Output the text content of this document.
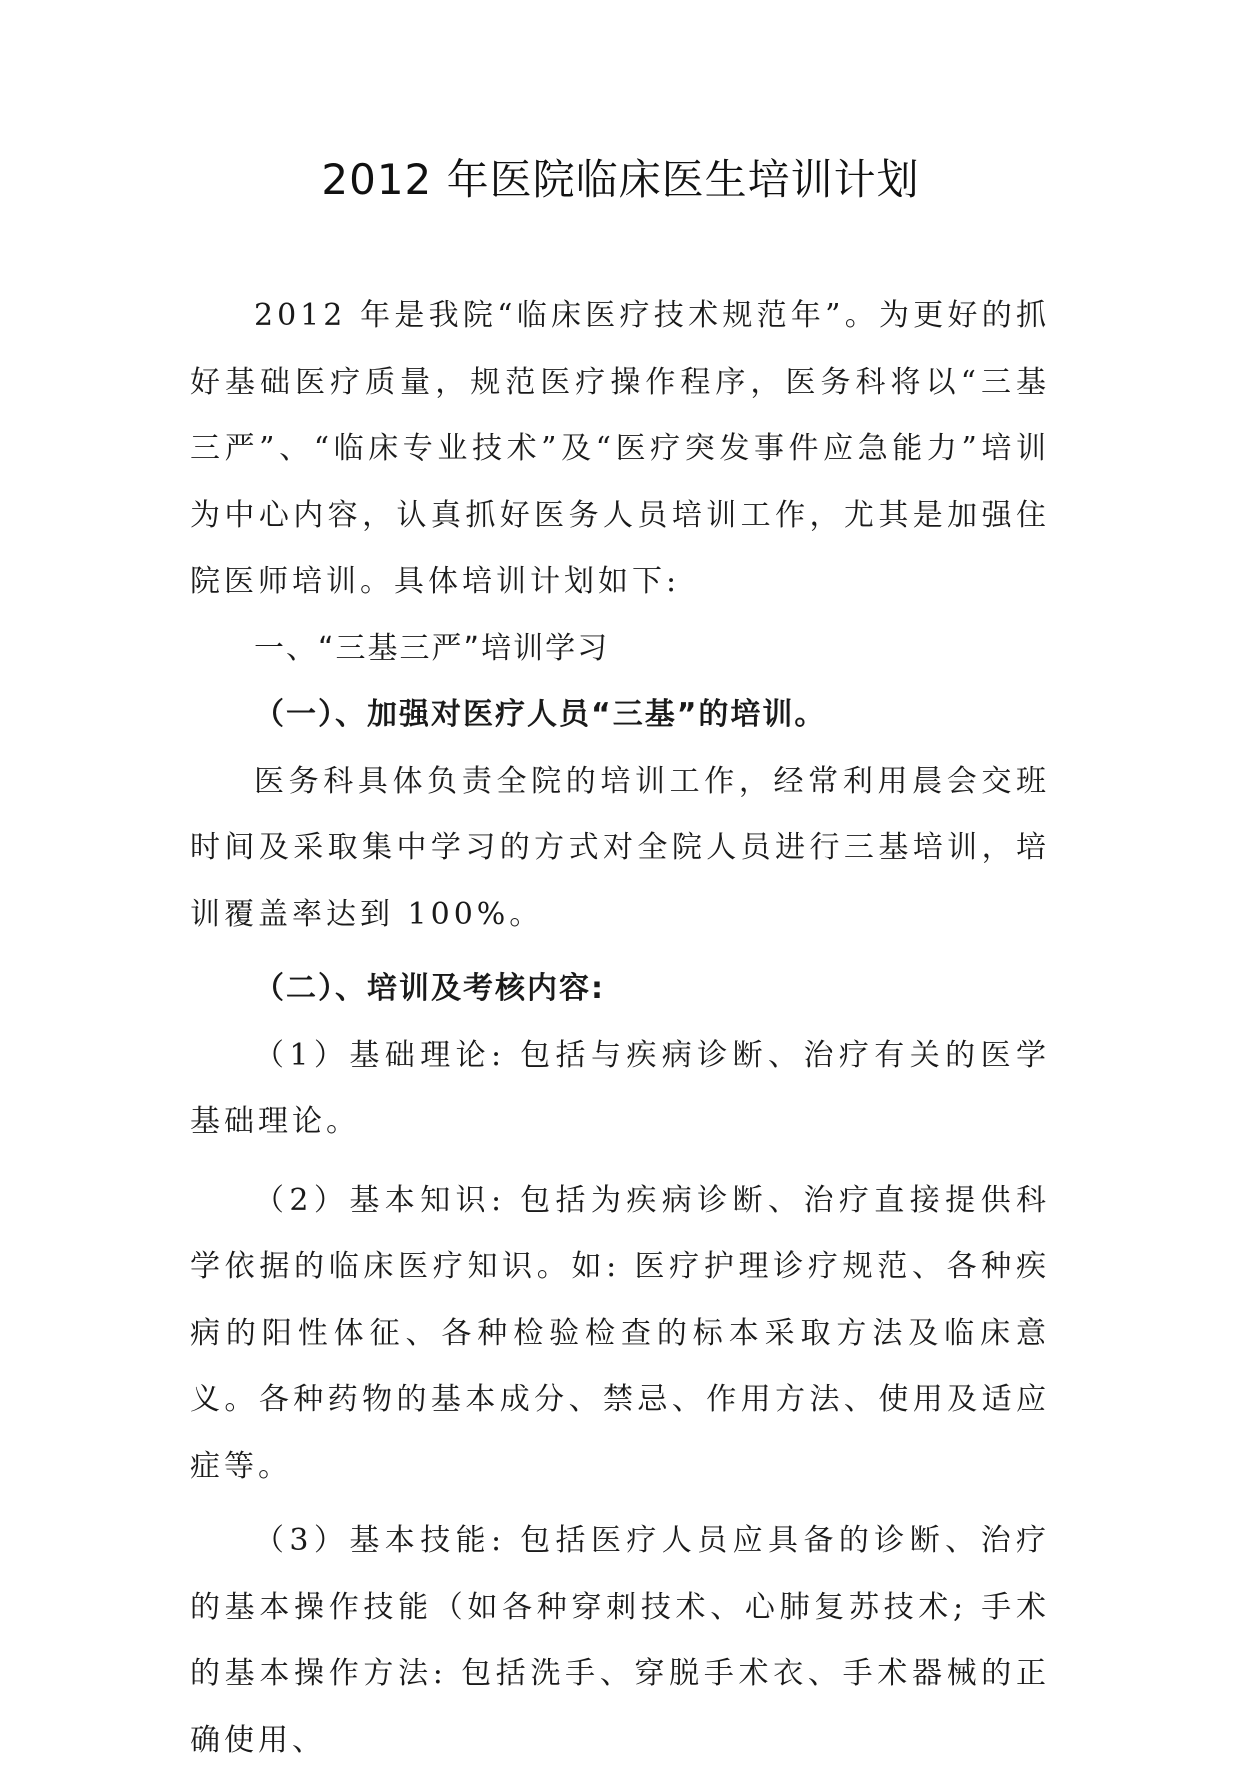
2012 年医院临床医生培训计划

2012 年是我院“临床医疗技术规范年”。为更好的抓好基础医疗质量，规范医疗操作程序，医务科将以“三基三严”、“临床专业技术”及“医疗突发事件应急能力”培训为中心内容，认真抓好医务人员培训工作，尤其是加强住院医师培训。具体培训计划如下:

一、“三基三严”培训学习

（一）、加强对医疗人员“三基”的培训。

医务科具体负责全院的培训工作，经常利用晨会交班时间及采取集中学习的方式对全院人员进行三基培训，培训覆盖率达到 100%。

（二）、培训及考核内容:

（1）基础理论: 包括与疾病诊断、治疗有关的医学基础理论。

（2）基本知识: 包括为疾病诊断、治疗直接提供科学依据的临床医疗知识。如: 医疗护理诊疗规范、各种疾病的阳性体征、各种检验检查的标本采取方法及临床意义。各种药物的基本成分、禁忌、作用方法、使用及适应症等。

（3）基本技能: 包括医疗人员应具备的诊断、治疗的基本操作技能（如各种穿刺技术、心肺复苏技术; 手术的基本操作方法: 包括洗手、穿脱手术衣、手术器械的正确使用、
